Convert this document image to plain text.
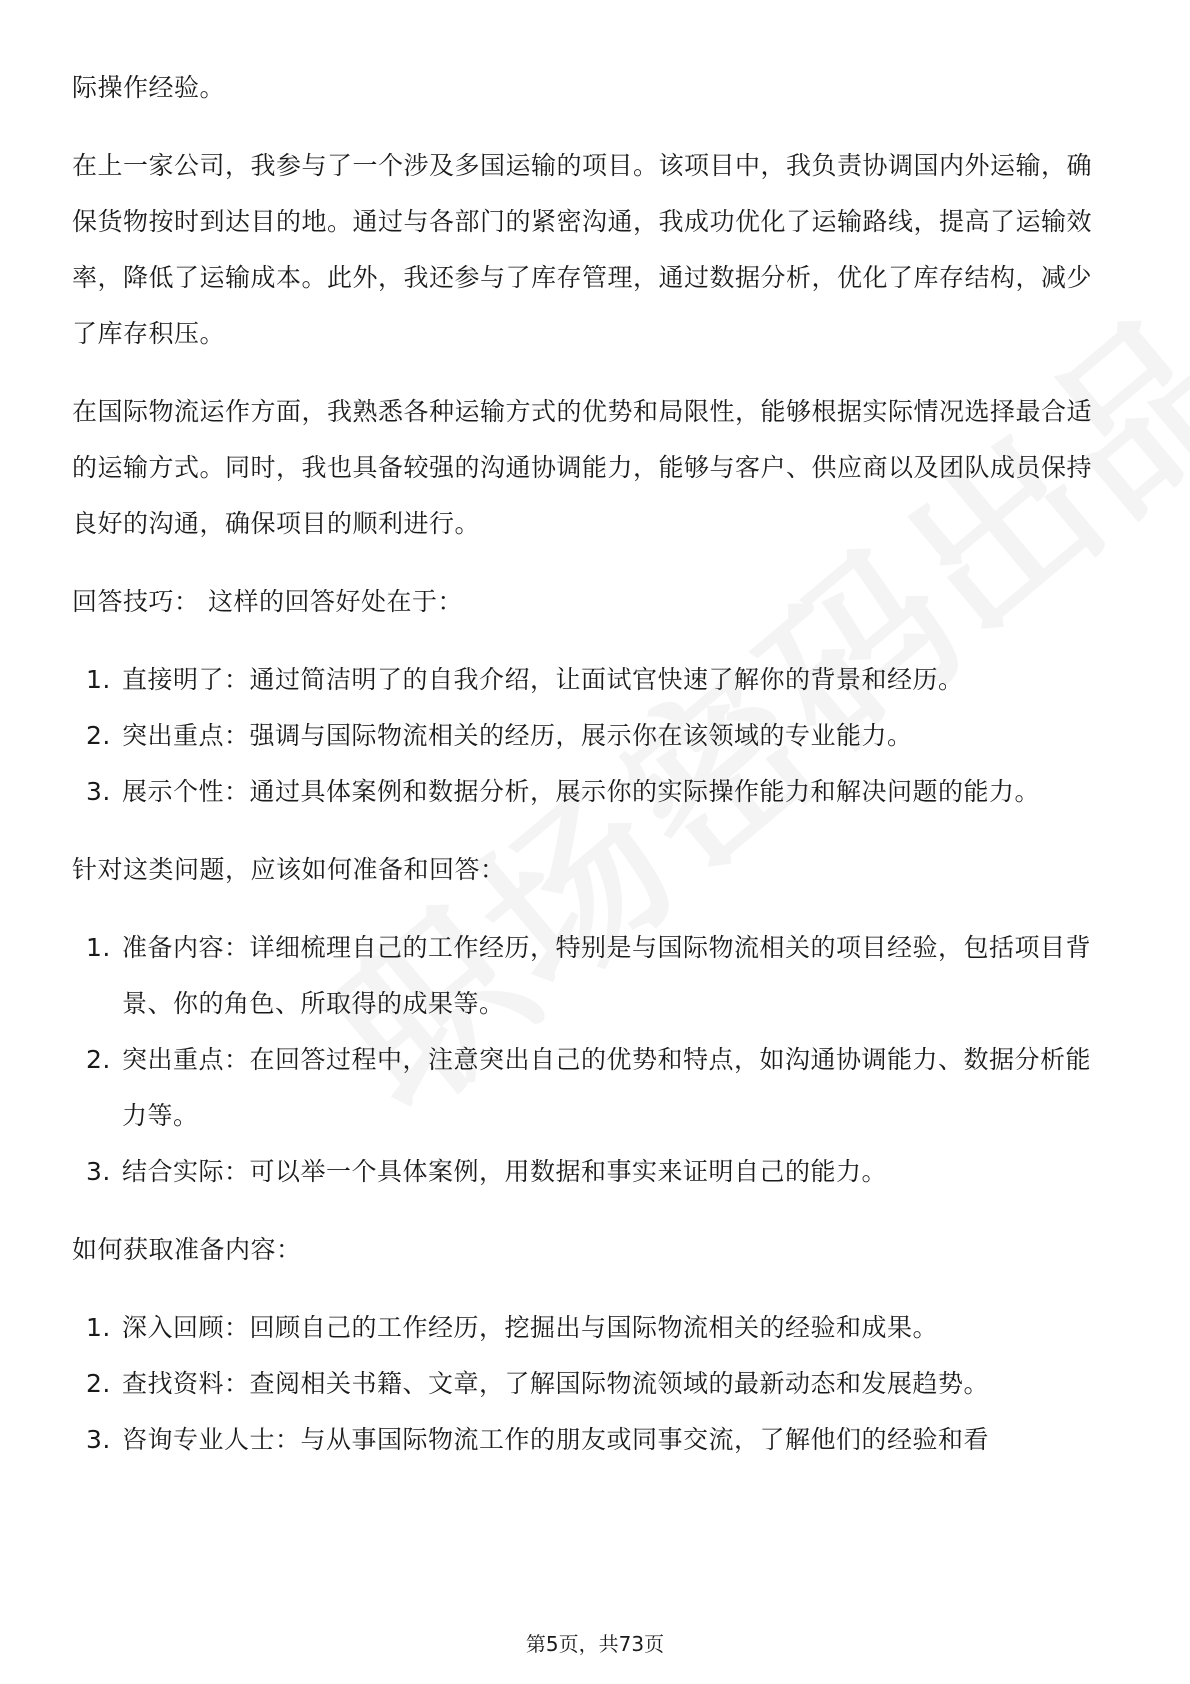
际操作经验。

在上一家公司，我参与了一个涉及多国运输的项目。该项目中，我负责协调国内外运输，确保货物按时到达目的地。通过与各部门的紧密沟通，我成功优化了运输路线，提高了运输效率，降低了运输成本。此外，我还参与了库存管理，通过数据分析，优化了库存结构，减少了库存积压。

在国际物流运作方面，我熟悉各种运输方式的优势和局限性，能够根据实际情况选择最合适的运输方式。同时，我也具备较强的沟通协调能力，能够与客户、供应商以及团队成员保持良好的沟通，确保项目的顺利进行。

回答技巧： 这样的回答好处在于：

1. 直接明了：通过简洁明了的自我介绍，让面试官快速了解你的背景和经历。
2. 突出重点：强调与国际物流相关的经历，展示你在该领域的专业能力。
3. 展示个性：通过具体案例和数据分析，展示你的实际操作能力和解决问题的能力。

针对这类问题，应该如何准备和回答：

1. 准备内容：详细梳理自己的工作经历，特别是与国际物流相关的项目经验，包括项目背景、你的角色、所取得的成果等。
2. 突出重点：在回答过程中，注意突出自己的优势和特点，如沟通协调能力、数据分析能力等。
3. 结合实际：可以举一个具体案例，用数据和事实来证明自己的能力。

如何获取准备内容：

1. 深入回顾：回顾自己的工作经历，挖掘出与国际物流相关的经验和成果。
2. 查找资料：查阅相关书籍、文章，了解国际物流领域的最新动态和发展趋势。
3. 咨询专业人士：与从事国际物流工作的朋友或同事交流，了解他们的经验和看
第5页，共73页
